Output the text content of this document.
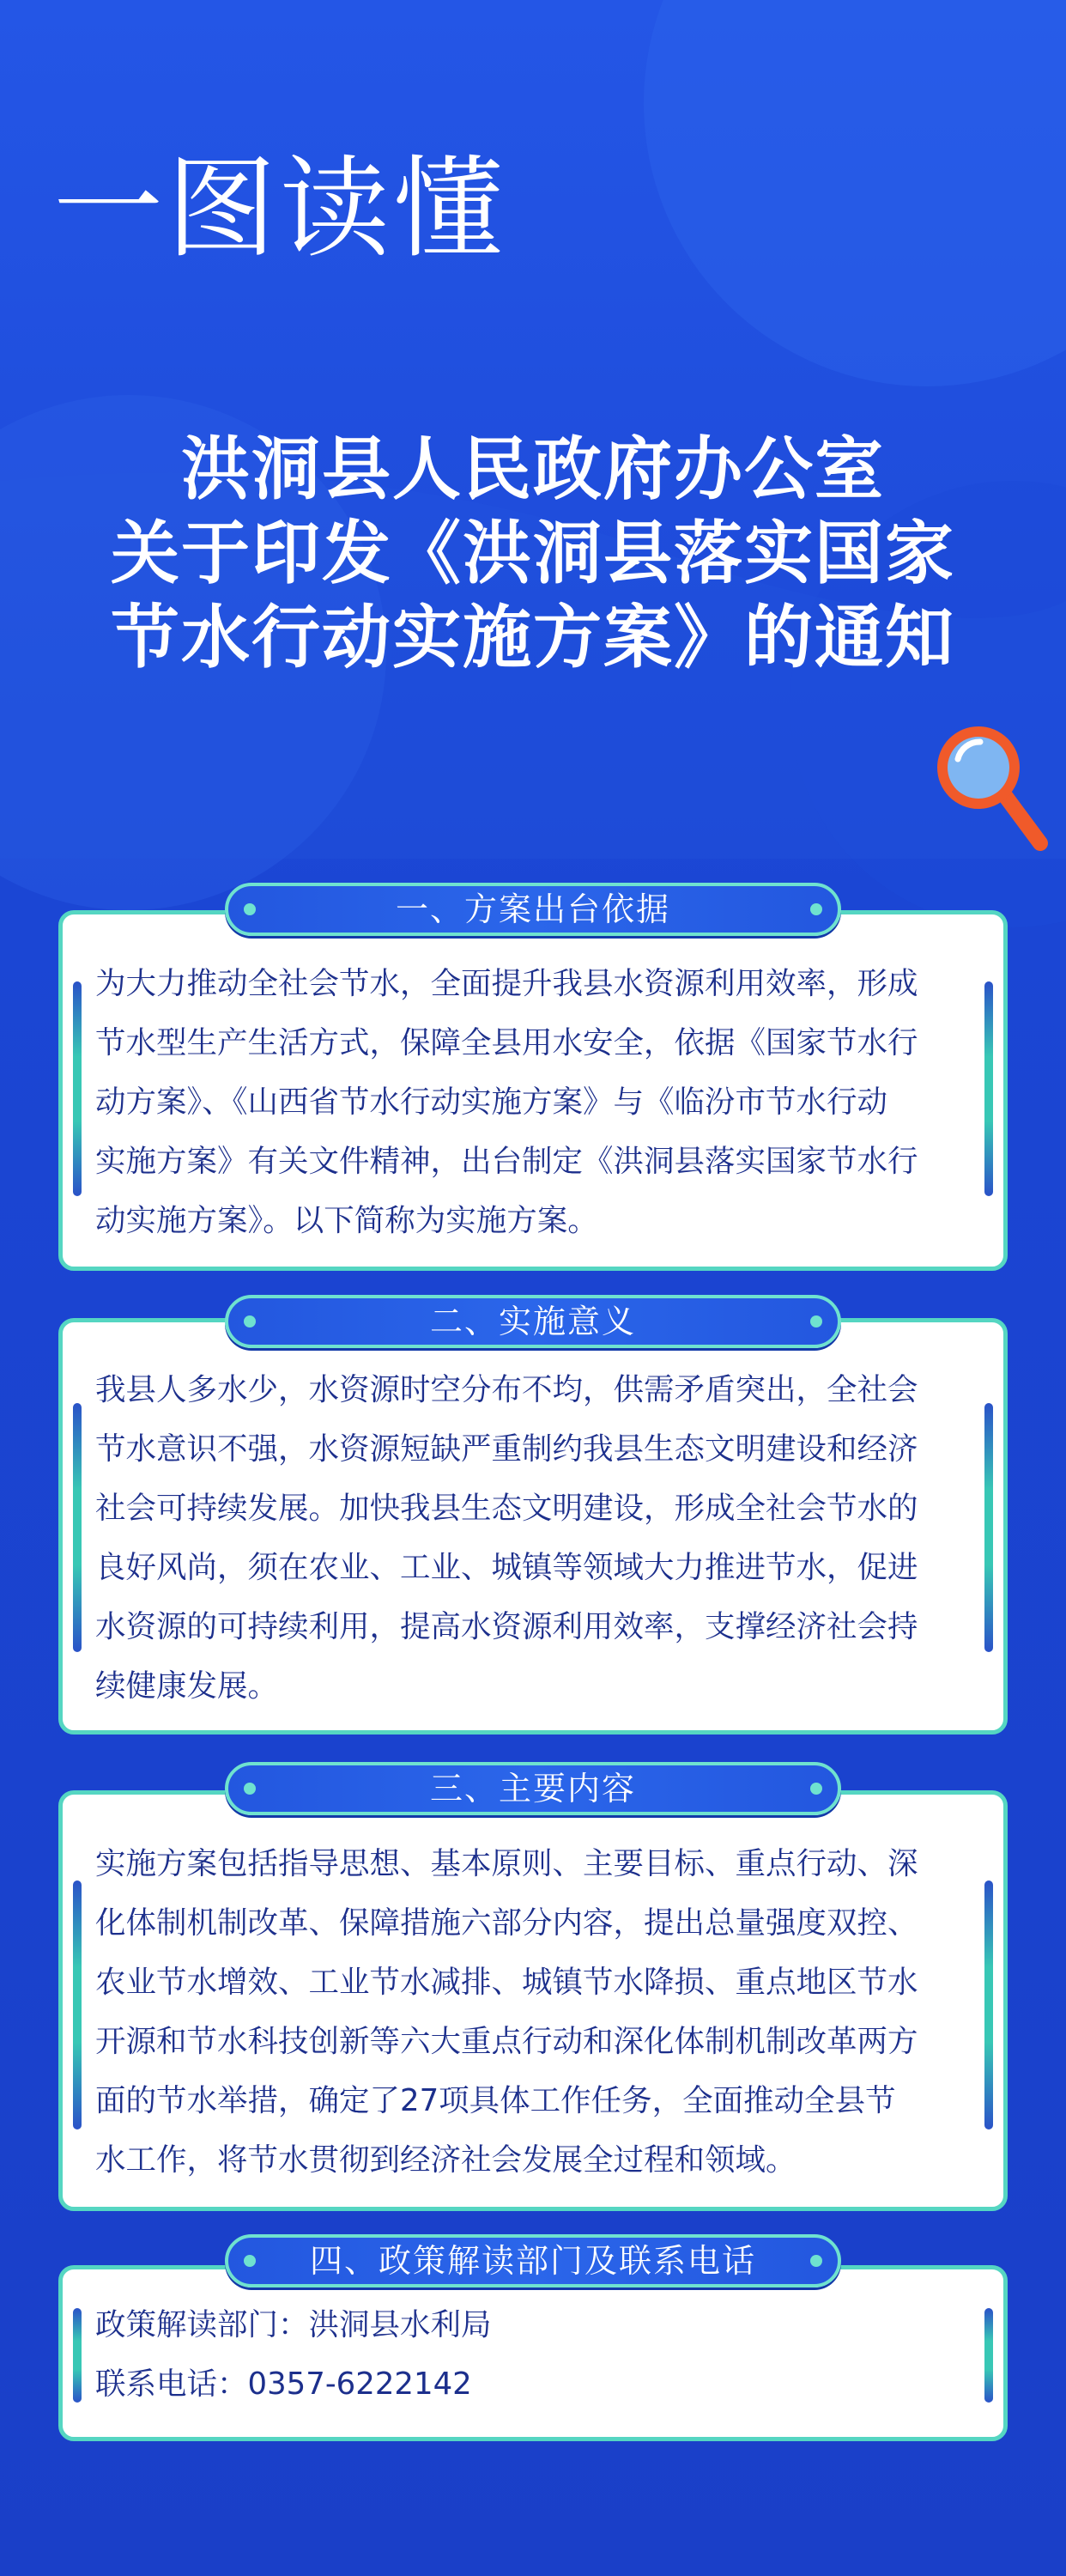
一图读懂
洪洞县人民政府办公室
关于印发《洪洞县落实国家
节水行动实施方案》的通知

为大力推动全社会节水，全面提升我县水资源利用效率，形成

节水型生产生活方式，保障全县用水安全，依据《国家节水行

动方案》、《山西省节水行动实施方案》与《临汾市节水行动

实施方案》有关文件精神，出台制定《洪洞县落实国家节水行

动实施方案》。以下简称为实施方案。

一、方案出台依据

我县人多水少，水资源时空分布不均，供需矛盾突出，全社会

节水意识不强，水资源短缺严重制约我县生态文明建设和经济

社会可持续发展。加快我县生态文明建设，形成全社会节水的

良好风尚，须在农业、工业、城镇等领域大力推进节水，促进

水资源的可持续利用，提高水资源利用效率，支撑经济社会持

续健康发展。

二、实施意义

实施方案包括指导思想、基本原则、主要目标、重点行动、深

化体制机制改革、保障措施六部分内容，提出总量强度双控、

农业节水增效、工业节水减排、城镇节水降损、重点地区节水

开源和节水科技创新等六大重点行动和深化体制机制改革两方

面的节水举措，确定了27项具体工作任务，全面推动全县节

水工作，将节水贯彻到经济社会发展全过程和领域。

三、主要内容

政策解读部门：洪洞县水利局

联系电话：0357-6222142

四、政策解读部门及联系电话
